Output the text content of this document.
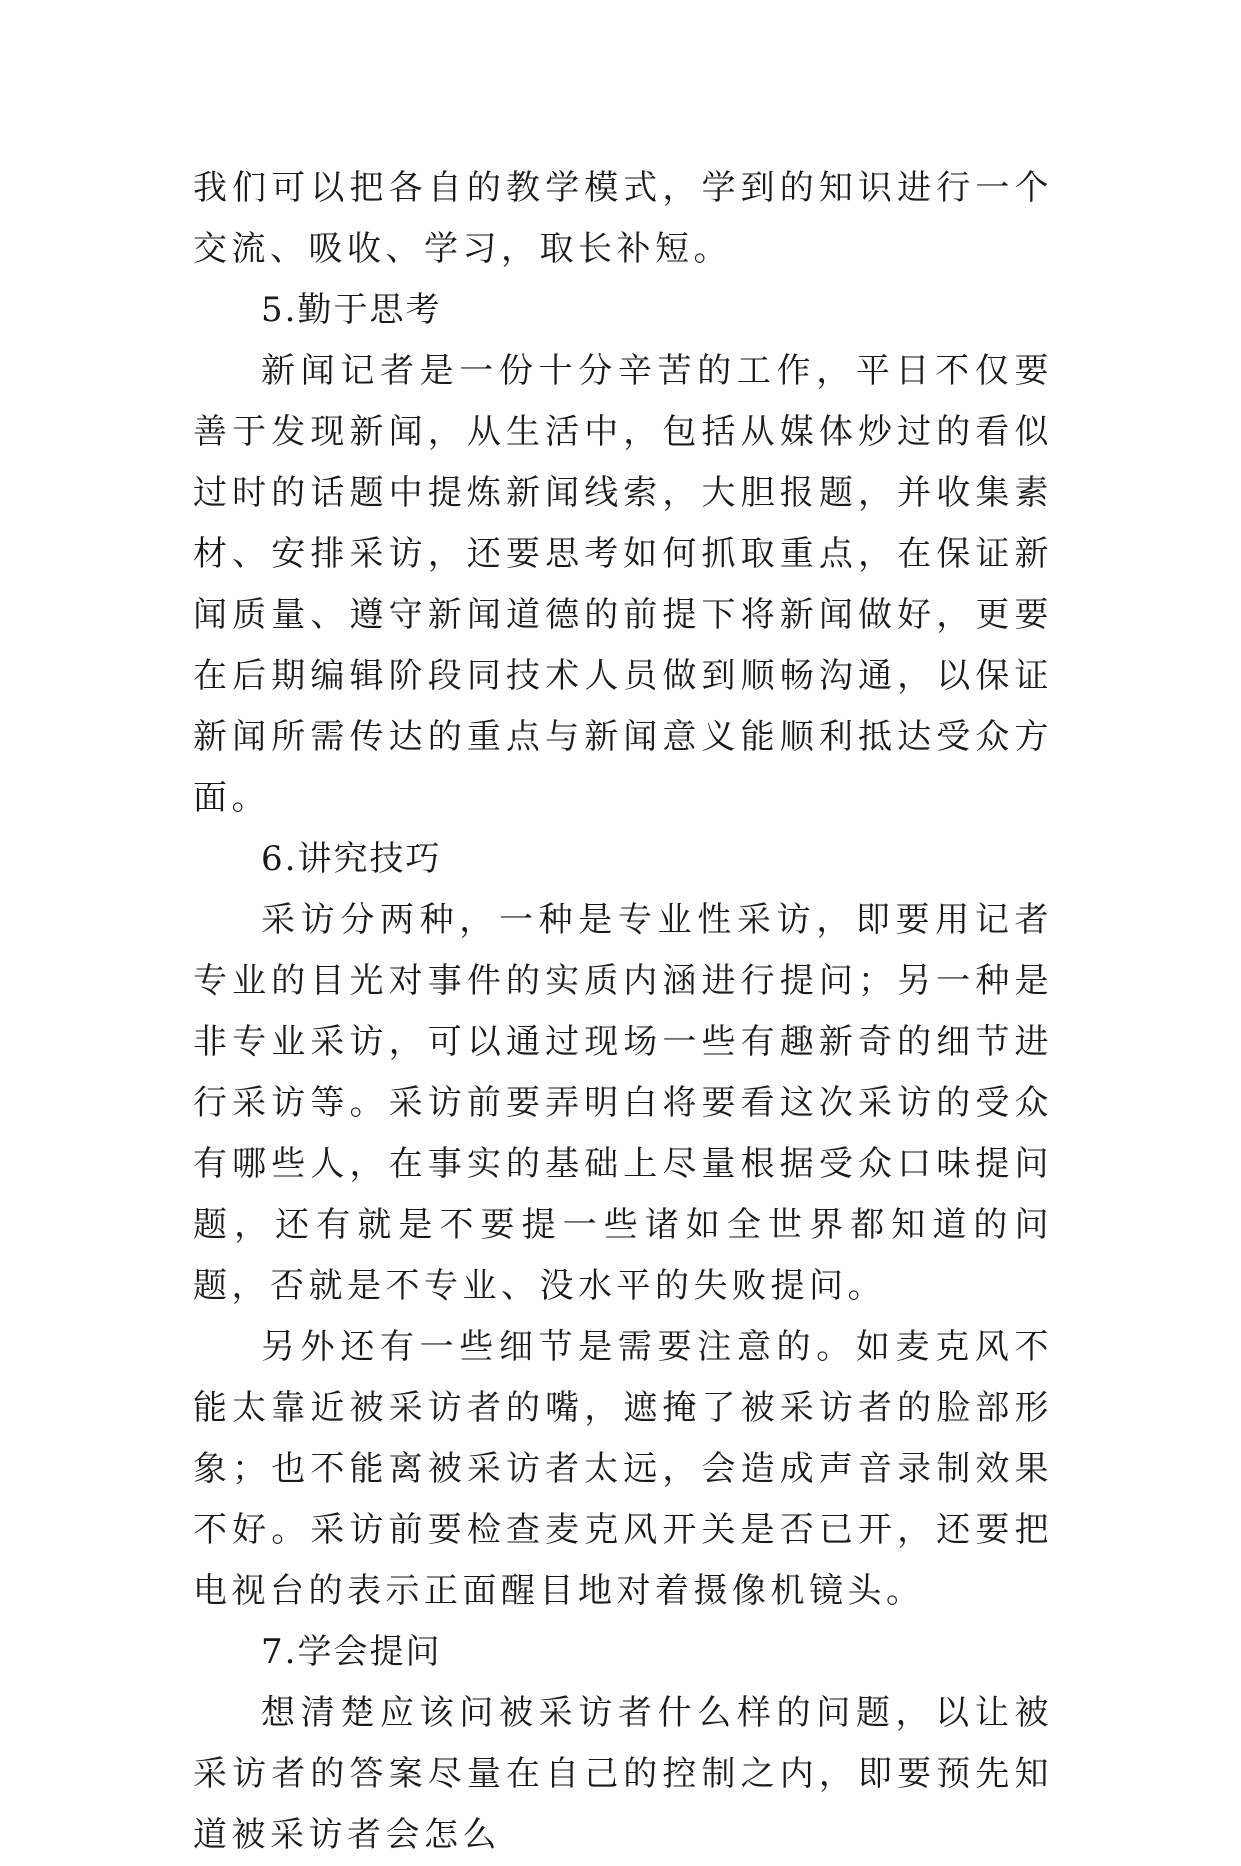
我们可以把各自的教学模式，学到的知识进行一个交流、吸收、学习，取长补短。

5.勤于思考

新闻记者是一份十分辛苦的工作，平日不仅要善于发现新闻，从生活中，包括从媒体炒过的看似过时的话题中提炼新闻线索，大胆报题，并收集素材、安排采访，还要思考如何抓取重点，在保证新闻质量、遵守新闻道德的前提下将新闻做好，更要在后期编辑阶段同技术人员做到顺畅沟通，以保证新闻所需传达的重点与新闻意义能顺利抵达受众方面。

6.讲究技巧

采访分两种，一种是专业性采访，即要用记者专业的目光对事件的实质内涵进行提问；另一种是非专业采访，可以通过现场一些有趣新奇的细节进行采访等。采访前要弄明白将要看这次采访的受众有哪些人，在事实的基础上尽量根据受众口味提问题，还有就是不要提一些诸如全世界都知道的问题，否就是不专业、没水平的失败提问。

另外还有一些细节是需要注意的。如麦克风不能太靠近被采访者的嘴，遮掩了被采访者的脸部形象；也不能离被采访者太远，会造成声音录制效果不好。采访前要检查麦克风开关是否已开，还要把电视台的表示正面醒目地对着摄像机镜头。

7.学会提问

想清楚应该问被采访者什么样的问题，以让被采访者的答案尽量在自己的控制之内，即要预先知道被采访者会怎么
